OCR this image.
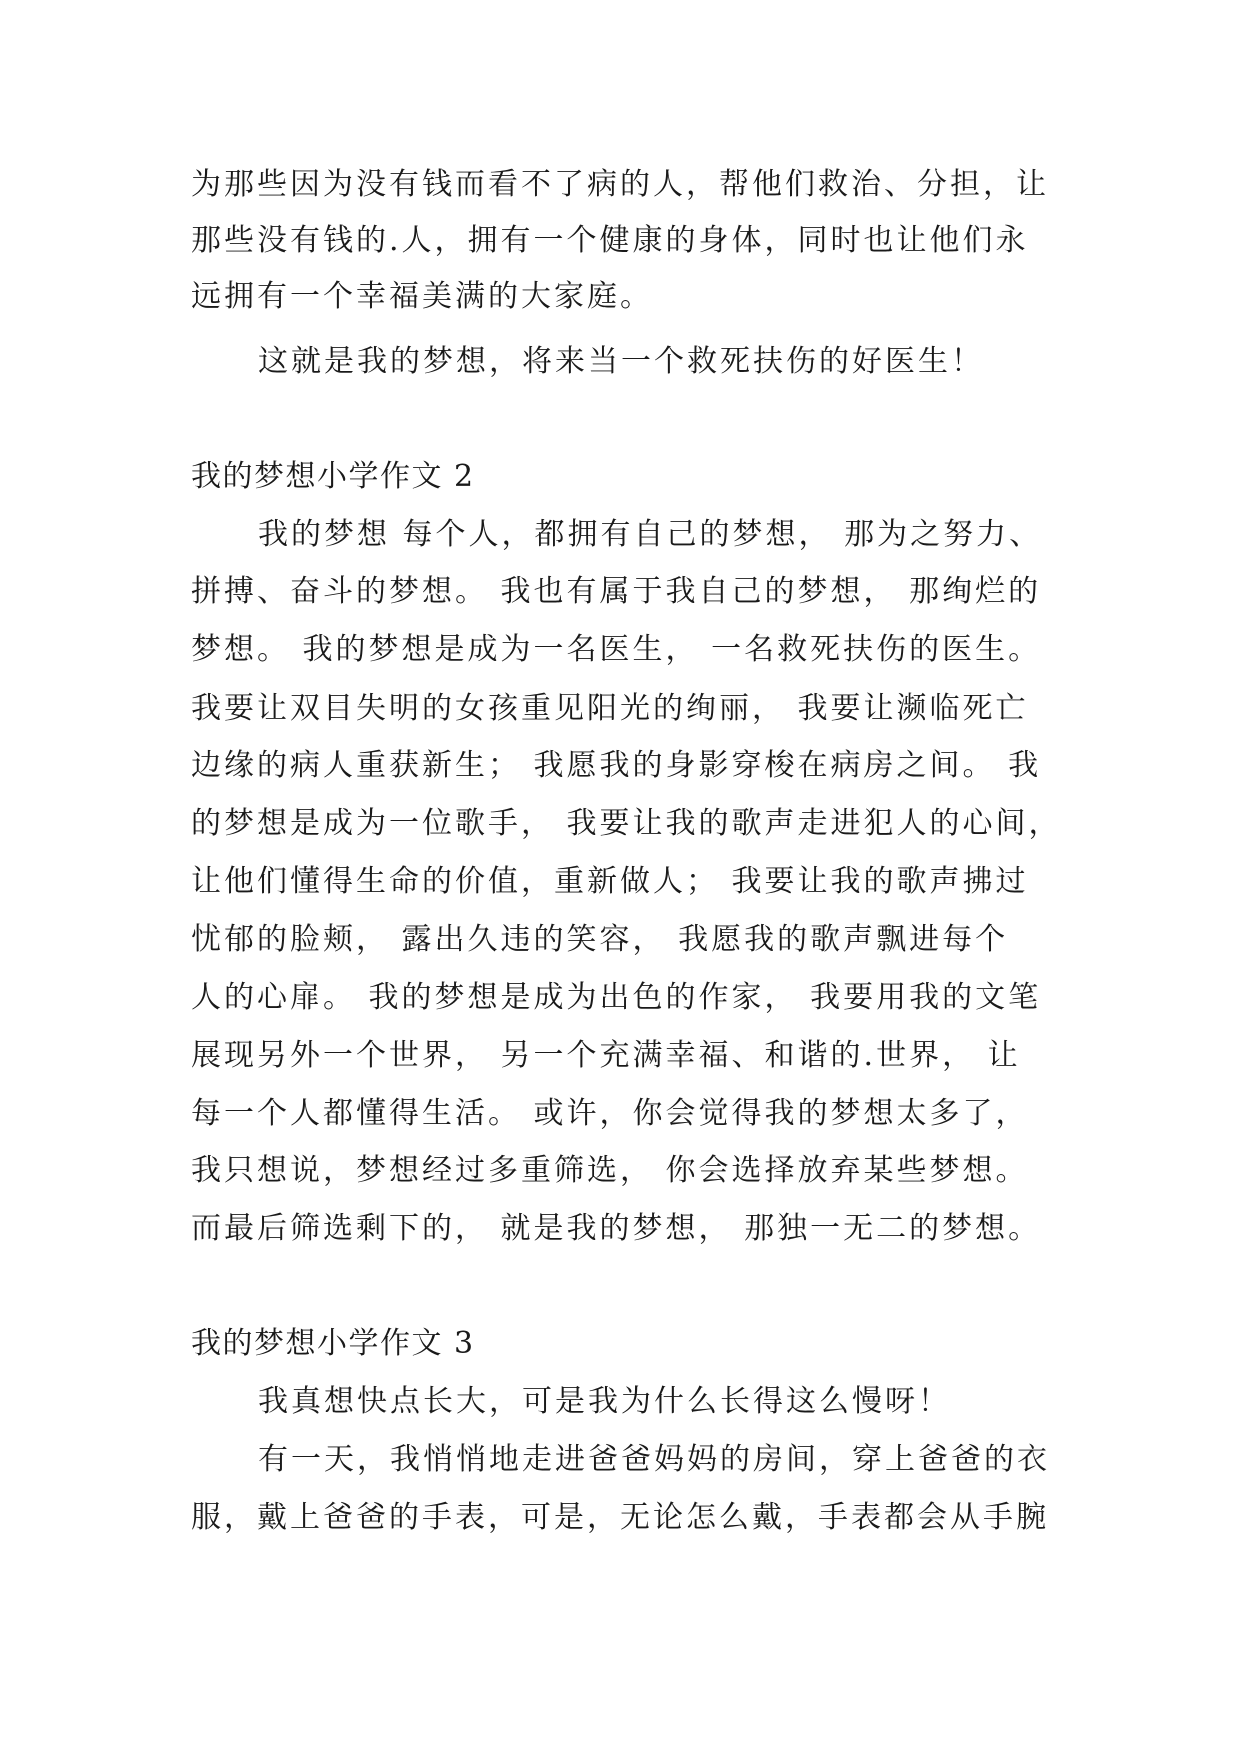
为那些因为没有钱而看不了病的人，帮他们救治、分担，让

那些没有钱的.人，拥有一个健康的身体，同时也让他们永

远拥有一个幸福美满的大家庭。

这就是我的梦想，将来当一个救死扶伤的好医生！

我的梦想小学作文 2

我的梦想 每个人，都拥有自己的梦想， 那为之努力、

拼搏、奋斗的梦想。 我也有属于我自己的梦想， 那绚烂的

梦想。 我的梦想是成为一名医生， 一名救死扶伤的医生。

我要让双目失明的女孩重见阳光的绚丽， 我要让濒临死亡

边缘的病人重获新生； 我愿我的身影穿梭在病房之间。 我

的梦想是成为一位歌手， 我要让我的歌声走进犯人的心间，

让他们懂得生命的价值，重新做人； 我要让我的歌声拂过

忧郁的脸颊， 露出久违的笑容， 我愿我的歌声飘进每个

人的心扉。 我的梦想是成为出色的作家， 我要用我的文笔

展现另外一个世界， 另一个充满幸福、和谐的.世界， 让

每一个人都懂得生活。 或许，你会觉得我的梦想太多了，

我只想说，梦想经过多重筛选， 你会选择放弃某些梦想。

而最后筛选剩下的， 就是我的梦想， 那独一无二的梦想。

我的梦想小学作文 3

我真想快点长大，可是我为什么长得这么慢呀！

有一天，我悄悄地走进爸爸妈妈的房间，穿上爸爸的衣

服，戴上爸爸的手表，可是，无论怎么戴，手表都会从手腕
